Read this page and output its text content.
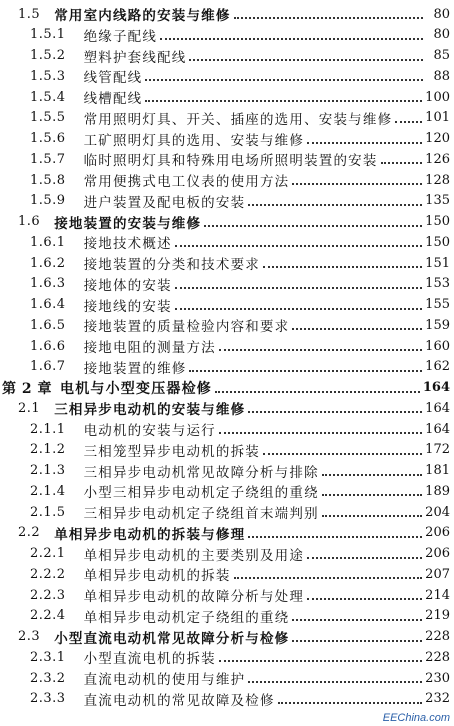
1.5	常用室内线路的安装与维修	80
1.5.1	绝缘子配线	80
1.5.2	塑料护套线配线	85
1.5.3	线管配线	88
1.5.4	线槽配线	100
1.5.5	常用照明灯具、开关、插座的选用、安装与维修	101
1.5.6	工矿照明灯具的选用、安装与维修	120
1.5.7	临时照明灯具和特殊用电场所照明装置的安装	126
1.5.8	常用便携式电工仪表的使用方法	128
1.5.9	进户装置及配电板的安装	135
1.6	接地装置的安装与维修	150
1.6.1	接地技术概述	150
1.6.2	接地装置的分类和技术要求	151
1.6.3	接地体的安装	153
1.6.4	接地线的安装	155
1.6.5	接地装置的质量检验内容和要求	159
1.6.6	接地电阻的测量方法	160
1.6.7	接地装置的维修	162
第 2 章 电机与小型变压器检修	164
2.1	三相异步电动机的安装与维修	164
2.1.1	电动机的安装与运行	164
2.1.2	三相笼型异步电动机的拆装	172
2.1.3	三相异步电动机常见故障分析与排除	181
2.1.4	小型三相异步电动机定子绕组的重绕	189
2.1.5	三相异步电动机定子绕组首末端判别	204
2.2	单相异步电动机的拆装与修理	206
2.2.1	单相异步电动机的主要类别及用途	206
2.2.2	单相异步电动机的拆装	207
2.2.3	单相异步电动机的故障分析与处理	214
2.2.4	单相异步电动机定子绕组的重绕	219
2.3	小型直流电动机常见故障分析与检修	228
2.3.1	小型直流电机的拆装	228
2.3.2	直流电动机的使用与维护	230
2.3.3	直流电动机的常见故障及检修	232
EEChina.com
